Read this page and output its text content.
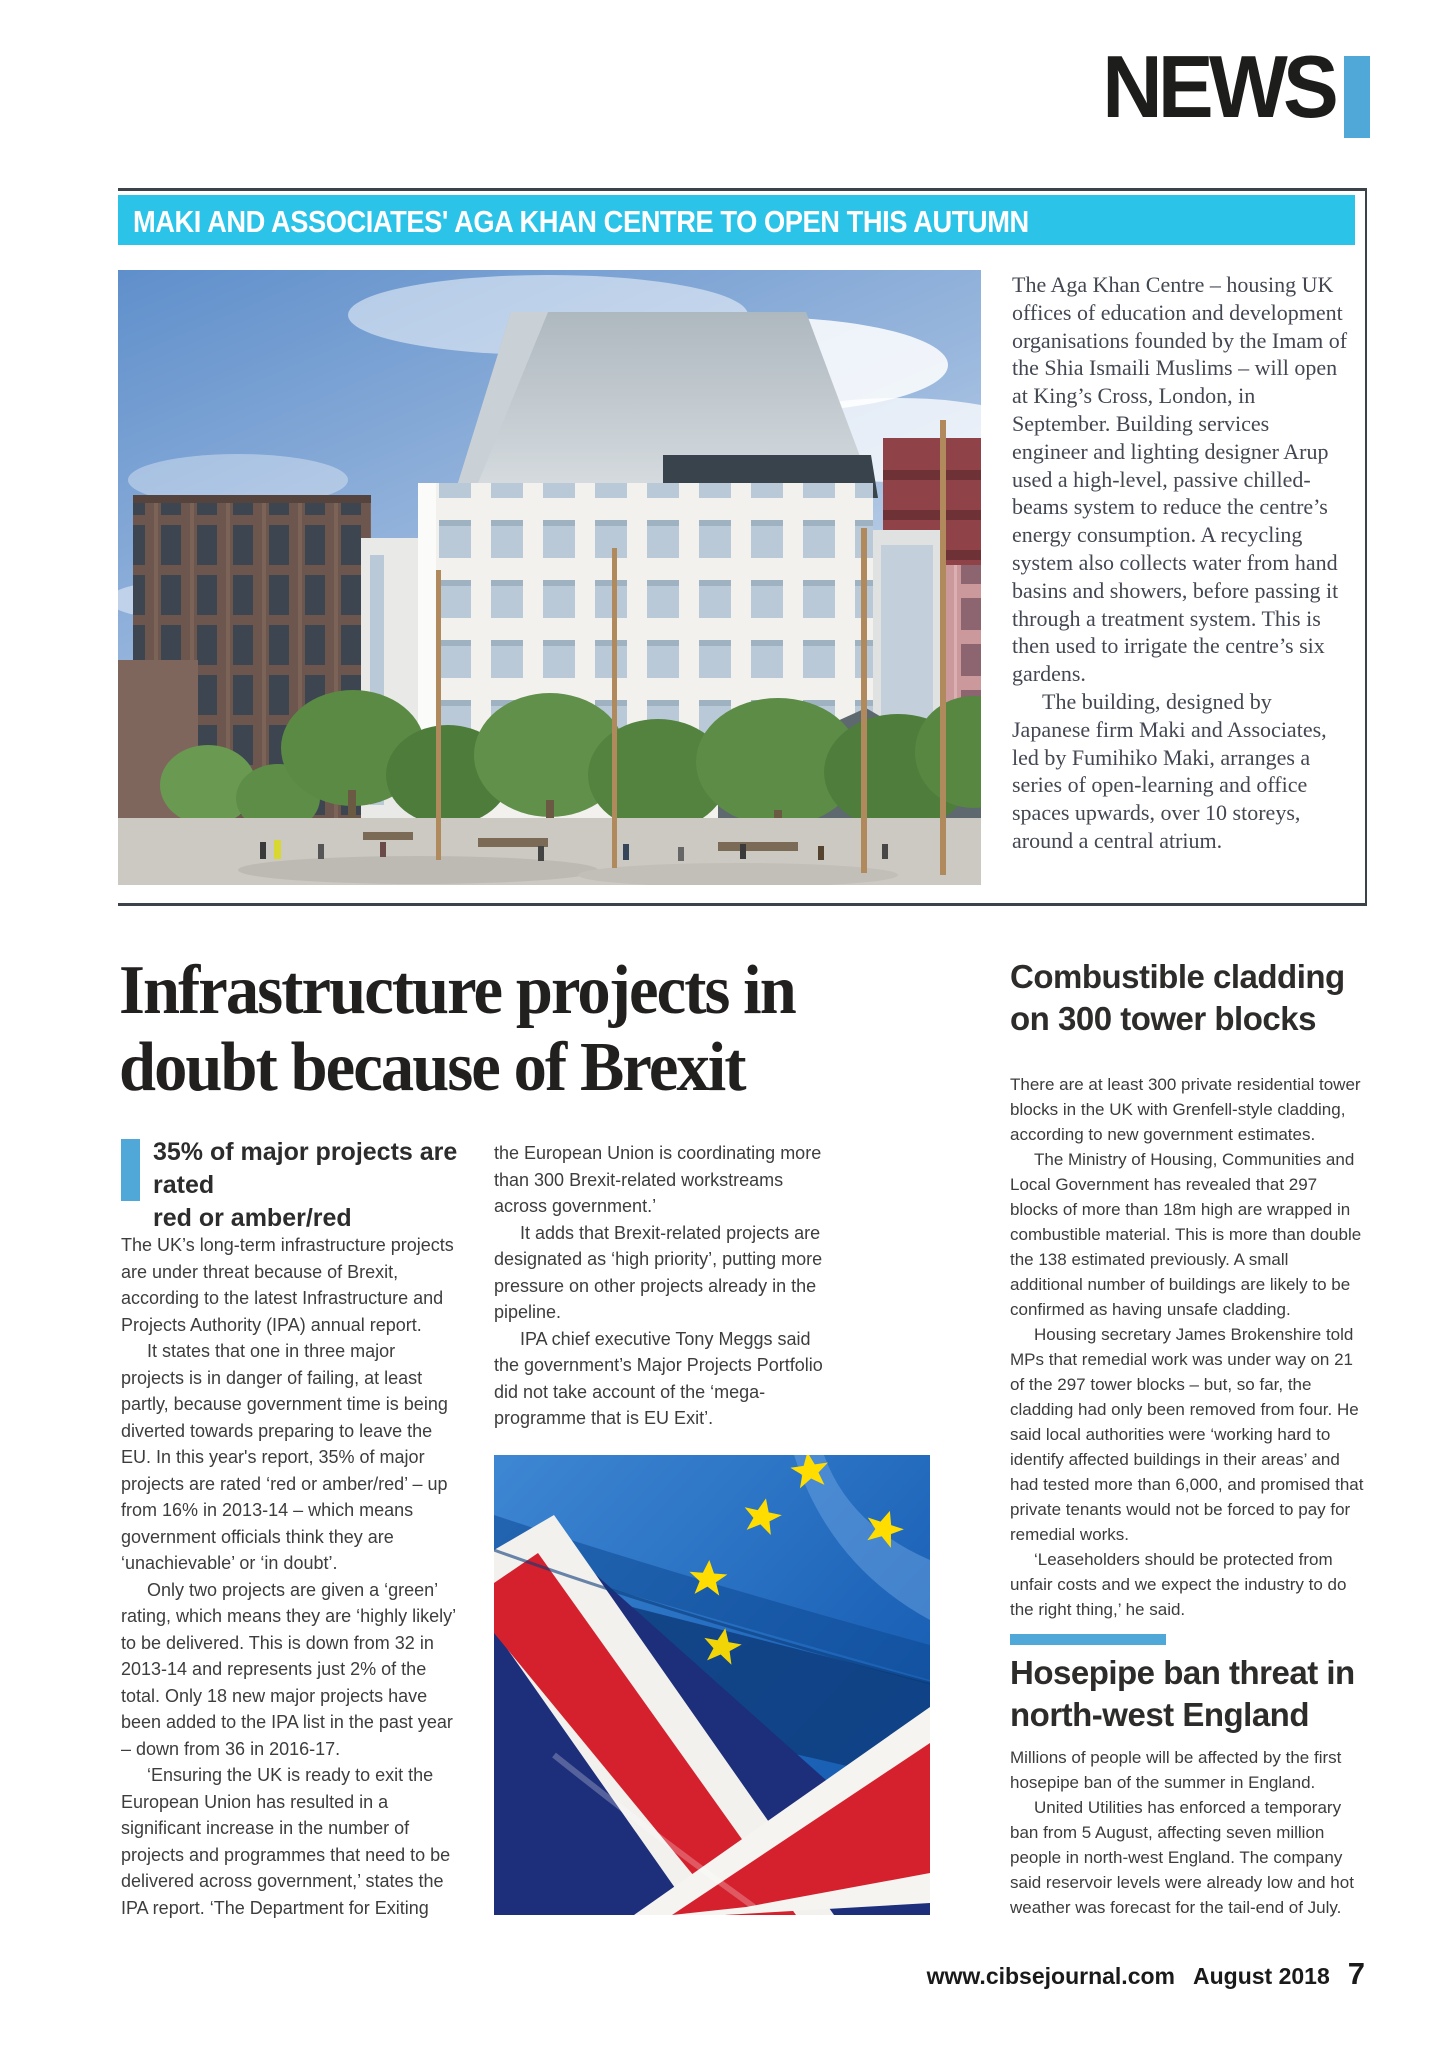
NEWS
MAKI AND ASSOCIATES' AGA KHAN CENTRE TO OPEN THIS AUTUMN

The Aga Khan Centre – housing UK offices of education and development organisations founded by the Imam of the Shia Ismaili Muslims – will open at King’s Cross, London, in September. Building services engineer and lighting designer Arup used a high-level, passive chilled-beams system to reduce the centre’s energy consumption. A recycling system also collects water from hand basins and showers, before passing it through a treatment system. This is then used to irrigate the centre’s six gardens.

The building, designed by Japanese firm Maki and Associates, led by Fumihiko Maki, arranges a series of open-learning and office spaces upwards, over 10 storeys, around a central atrium.

Infrastructure projects in
doubt because of Brexit
35% of major projects are rated
red or amber/red

The UK’s long-term infrastructure projects are under threat because of Brexit, according to the latest Infrastructure and Projects Authority (IPA) annual report.

It states that one in three major projects is in danger of failing, at least partly, because government time is being diverted towards preparing to leave the EU. In this year's report, 35% of major projects are rated ‘red or amber/red’ – up from 16% in 2013-14 – which means government officials think they are ‘unachievable’ or ‘in doubt’.

Only two projects are given a ‘green’ rating, which means they are ‘highly likely’ to be delivered. This is down from 32 in 2013-14 and represents just 2% of the total. Only 18 new major projects have been added to the IPA list in the past year – down from 36 in 2016-17.

‘Ensuring the UK is ready to exit the European Union has resulted in a significant increase in the number of projects and programmes that need to be delivered across government,’ states the IPA report. ‘The Department for Exiting

the European Union is coordinating more than 300 Brexit-related workstreams across government.’

It adds that Brexit-related projects are designated as ‘high priority’, putting more pressure on other projects already in the pipeline.

IPA chief executive Tony Meggs said the government’s Major Projects Portfolio did not take account of the ‘mega-programme that is EU Exit’.

Combustible cladding
on 300 tower blocks

There are at least 300 private residential tower blocks in the UK with Grenfell-style cladding, according to new government estimates.

The Ministry of Housing, Communities and Local Government has revealed that 297 blocks of more than 18m high are wrapped in combustible material. This is more than double the 138 estimated previously. A small additional number of buildings are likely to be confirmed as having unsafe cladding.

Housing secretary James Brokenshire told MPs that remedial work was under way on 21 of the 297 tower blocks – but, so far, the cladding had only been removed from four. He said local authorities were ‘working hard to identify affected buildings in their areas’ and had tested more than 6,000, and promised that private tenants would not be forced to pay for remedial works.

‘Leaseholders should be protected from unfair costs and we expect the industry to do the right thing,’ he said.

Hosepipe ban threat in
north-west England

Millions of people will be affected by the first hosepipe ban of the summer in England.

United Utilities has enforced a temporary ban from 5 August, affecting seven million people in north-west England. The company said reservoir levels were already low and hot weather was forecast for the tail-end of July.

www.cibsejournal.com August 2018 7
